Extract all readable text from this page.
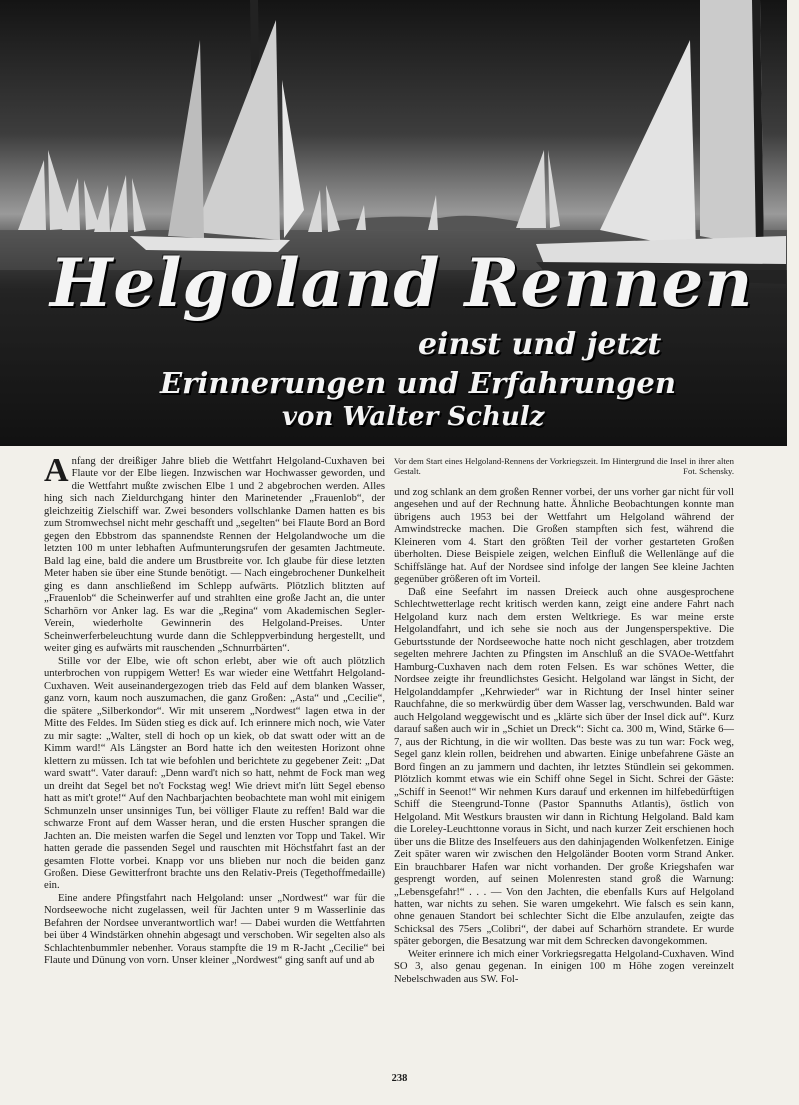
Helgoland Rennen
einst und jetzt
Erinnerungen und Erfahrungen
von Walter Schulz

Anfang der dreißiger Jahre blieb die Wettfahrt Helgoland-Cuxhaven bei Flaute vor der Elbe liegen. Inzwischen war Hochwasser geworden, und die Wettfahrt mußte zwischen Elbe 1 und 2 abgebrochen werden. Alles hing sich nach Zieldurchgang hinter den Marinetender „Frauenlob“, der gleichzeitig Zielschiff war. Zwei besonders vollschlanke Damen hatten es bis zum Stromwechsel nicht mehr geschafft und „segelten“ bei Flaute Bord an Bord gegen den Ebbstrom das spannendste Rennen der Helgolandwoche um die letzten 100 m unter lebhaften Aufmunterungsrufen der gesamten Jachtmeute. Bald lag eine, bald die andere um Brustbreite vor. Ich glaube für diese letzten Meter haben sie über eine Stunde benötigt. — Nach eingebrochener Dunkelheit ging es dann anschließend im Schlepp aufwärts. Plötzlich blitzten auf „Frauenlob“ die Scheinwerfer auf und strahlten eine große Jacht an, die unter Scharhörn vor Anker lag. Es war die „Regina“ vom Akademischen Segler-Verein, wiederholte Gewinnerin des Helgoland-Preises. Unter Scheinwerferbeleuchtung wurde dann die Schleppverbindung hergestellt, und weiter ging es aufwärts mit rauschenden „Schnurrbärten“.

Stille vor der Elbe, wie oft schon erlebt, aber wie oft auch plötzlich unterbrochen von ruppigem Wetter! Es war wieder eine Wettfahrt Helgoland-Cuxhaven. Weit auseinandergezogen trieb das Feld auf dem blanken Wasser, ganz vorn, kaum noch auszumachen, die ganz Großen: „Asta“ und „Cecilie“, die spätere „Silberkondor“. Wir mit unserem „Nordwest“ lagen etwa in der Mitte des Feldes. Im Süden stieg es dick auf. Ich erinnere mich noch, wie Vater zu mir sagte: „Walter, stell di hoch op un kiek, ob dat swatt oder witt an de Kimm ward!“ Als Längster an Bord hatte ich den weitesten Horizont ohne klettern zu müssen. Ich tat wie befohlen und berichtete zu gegebener Zeit: „Dat ward swatt“. Vater darauf: „Denn ward't nich so hatt, nehmt de Fock man weg un dreiht dat Segel bet no't Fockstag weg! Wie drievt mit'n lütt Segel ebenso hatt as mit't grote!“ Auf den Nachbarjachten beobachtete man wohl mit einigem Schmunzeln unser unsinniges Tun, bei völliger Flaute zu reffen! Bald war die schwarze Front auf dem Wasser heran, und die ersten Huscher sprangen die Jachten an. Die meisten warfen die Segel und lenzten vor Topp und Takel. Wir hatten gerade die passenden Segel und rauschten mit Höchstfahrt fast an der gesamten Flotte vorbei. Knapp vor uns blieben nur noch die beiden ganz Großen. Diese Gewitterfront brachte uns den Relativ-Preis (Tegethoffmedaille) ein.

Eine andere Pfingstfahrt nach Helgoland: unser „Nordwest“ war für die Nordseewoche nicht zugelassen, weil für Jachten unter 9 m Wasserlinie das Befahren der Nordsee unverantwortlich war! — Dabei wurden die Wettfahrten bei über 4 Windstärken ohnehin abgesagt und verschoben. Wir segelten also als Schlachtenbummler nebenher. Voraus stampfte die 19 m R-Jacht „Cecilie“ bei Flaute und Dünung von vorn. Unser kleiner „Nordwest“ ging sanft auf und ab

Vor dem Start eines Helgoland-Rennens der Vorkriegszeit. Im Hintergrund die Insel in ihrer alten Gestalt.	Fot. Schensky.

und zog schlank an dem großen Renner vorbei, der uns vorher gar nicht für voll angesehen und auf der Rechnung hatte. Ähnliche Beobachtungen konnte man übrigens auch 1953 bei der Wettfahrt um Helgoland während der Amwindstrecke machen. Die Großen stampften sich fest, während die Kleineren vom 4. Start den größten Teil der vorher gestarteten Großen überholten. Diese Beispiele zeigen, welchen Einfluß die Wellenlänge auf die Schiffslänge hat. Auf der Nordsee sind infolge der langen See kleine Jachten gegenüber größeren oft im Vorteil.

Daß eine Seefahrt im nassen Dreieck auch ohne ausgesprochene Schlechtwetterlage recht kritisch werden kann, zeigt eine andere Fahrt nach Helgoland kurz nach dem ersten Weltkriege. Es war meine erste Helgolandfahrt, und ich sehe sie noch aus der Jungensperspektive. Die Geburtsstunde der Nordseewoche hatte noch nicht geschlagen, aber trotzdem segelten mehrere Jachten zu Pfingsten im Anschluß an die SVAOe-Wettfahrt Hamburg-Cuxhaven nach dem roten Felsen. Es war schönes Wetter, die Nordsee zeigte ihr freundlichstes Gesicht. Helgoland war längst in Sicht, der Helgolanddampfer „Kehrwieder“ war in Richtung der Insel hinter seiner Rauchfahne, die so merkwürdig über dem Wasser lag, verschwunden. Bald war auch Helgoland weggewischt und es „klärte sich über der Insel dick auf“. Kurz darauf saßen auch wir in „Schiet un Dreck“: Sicht ca. 300 m, Wind, Stärke 6—7, aus der Richtung, in die wir wollten. Das beste was zu tun war: Fock weg, Segel ganz klein rollen, beidrehen und abwarten. Einige unbefahrene Gäste an Bord fingen an zu jammern und dachten, ihr letztes Stündlein sei gekommen. Plötzlich kommt etwas wie ein Schiff ohne Segel in Sicht. Schrei der Gäste: „Schiff in Seenot!“ Wir nehmen Kurs darauf und erkennen im hilfebedürftigen Schiff die Steengrund-Tonne (Pastor Spannuths Atlantis), östlich von Helgoland. Mit Westkurs brausten wir dann in Richtung Helgoland. Bald kam die Loreley-Leuchttonne voraus in Sicht, und nach kurzer Zeit erschienen hoch über uns die Blitze des Inselfeuers aus den dahinjagenden Wolkenfetzen. Einige Zeit später waren wir zwischen den Helgoländer Booten vorm Strand Anker. Ein brauchbarer Hafen war nicht vorhanden. Der große Kriegshafen war gesprengt worden, auf seinen Molenresten stand groß die Warnung: „Lebensgefahr!“ . . . — Von den Jachten, die ebenfalls Kurs auf Helgoland hatten, war nichts zu sehen. Sie waren umgekehrt. Wie falsch es sein kann, ohne genauen Standort bei schlechter Sicht die Elbe anzulaufen, zeigte das Schicksal des 75ers „Colibri“, der dabei auf Scharhörn strandete. Er wurde später geborgen, die Besatzung war mit dem Schrecken davongekommen.

Weiter erinnere ich mich einer Vorkriegsregatta Helgoland-Cuxhaven. Wind SO 3, also genau gegenan. In einigen 100 m Höhe zogen vereinzelt Nebelschwaden aus SW. Fol-

238
